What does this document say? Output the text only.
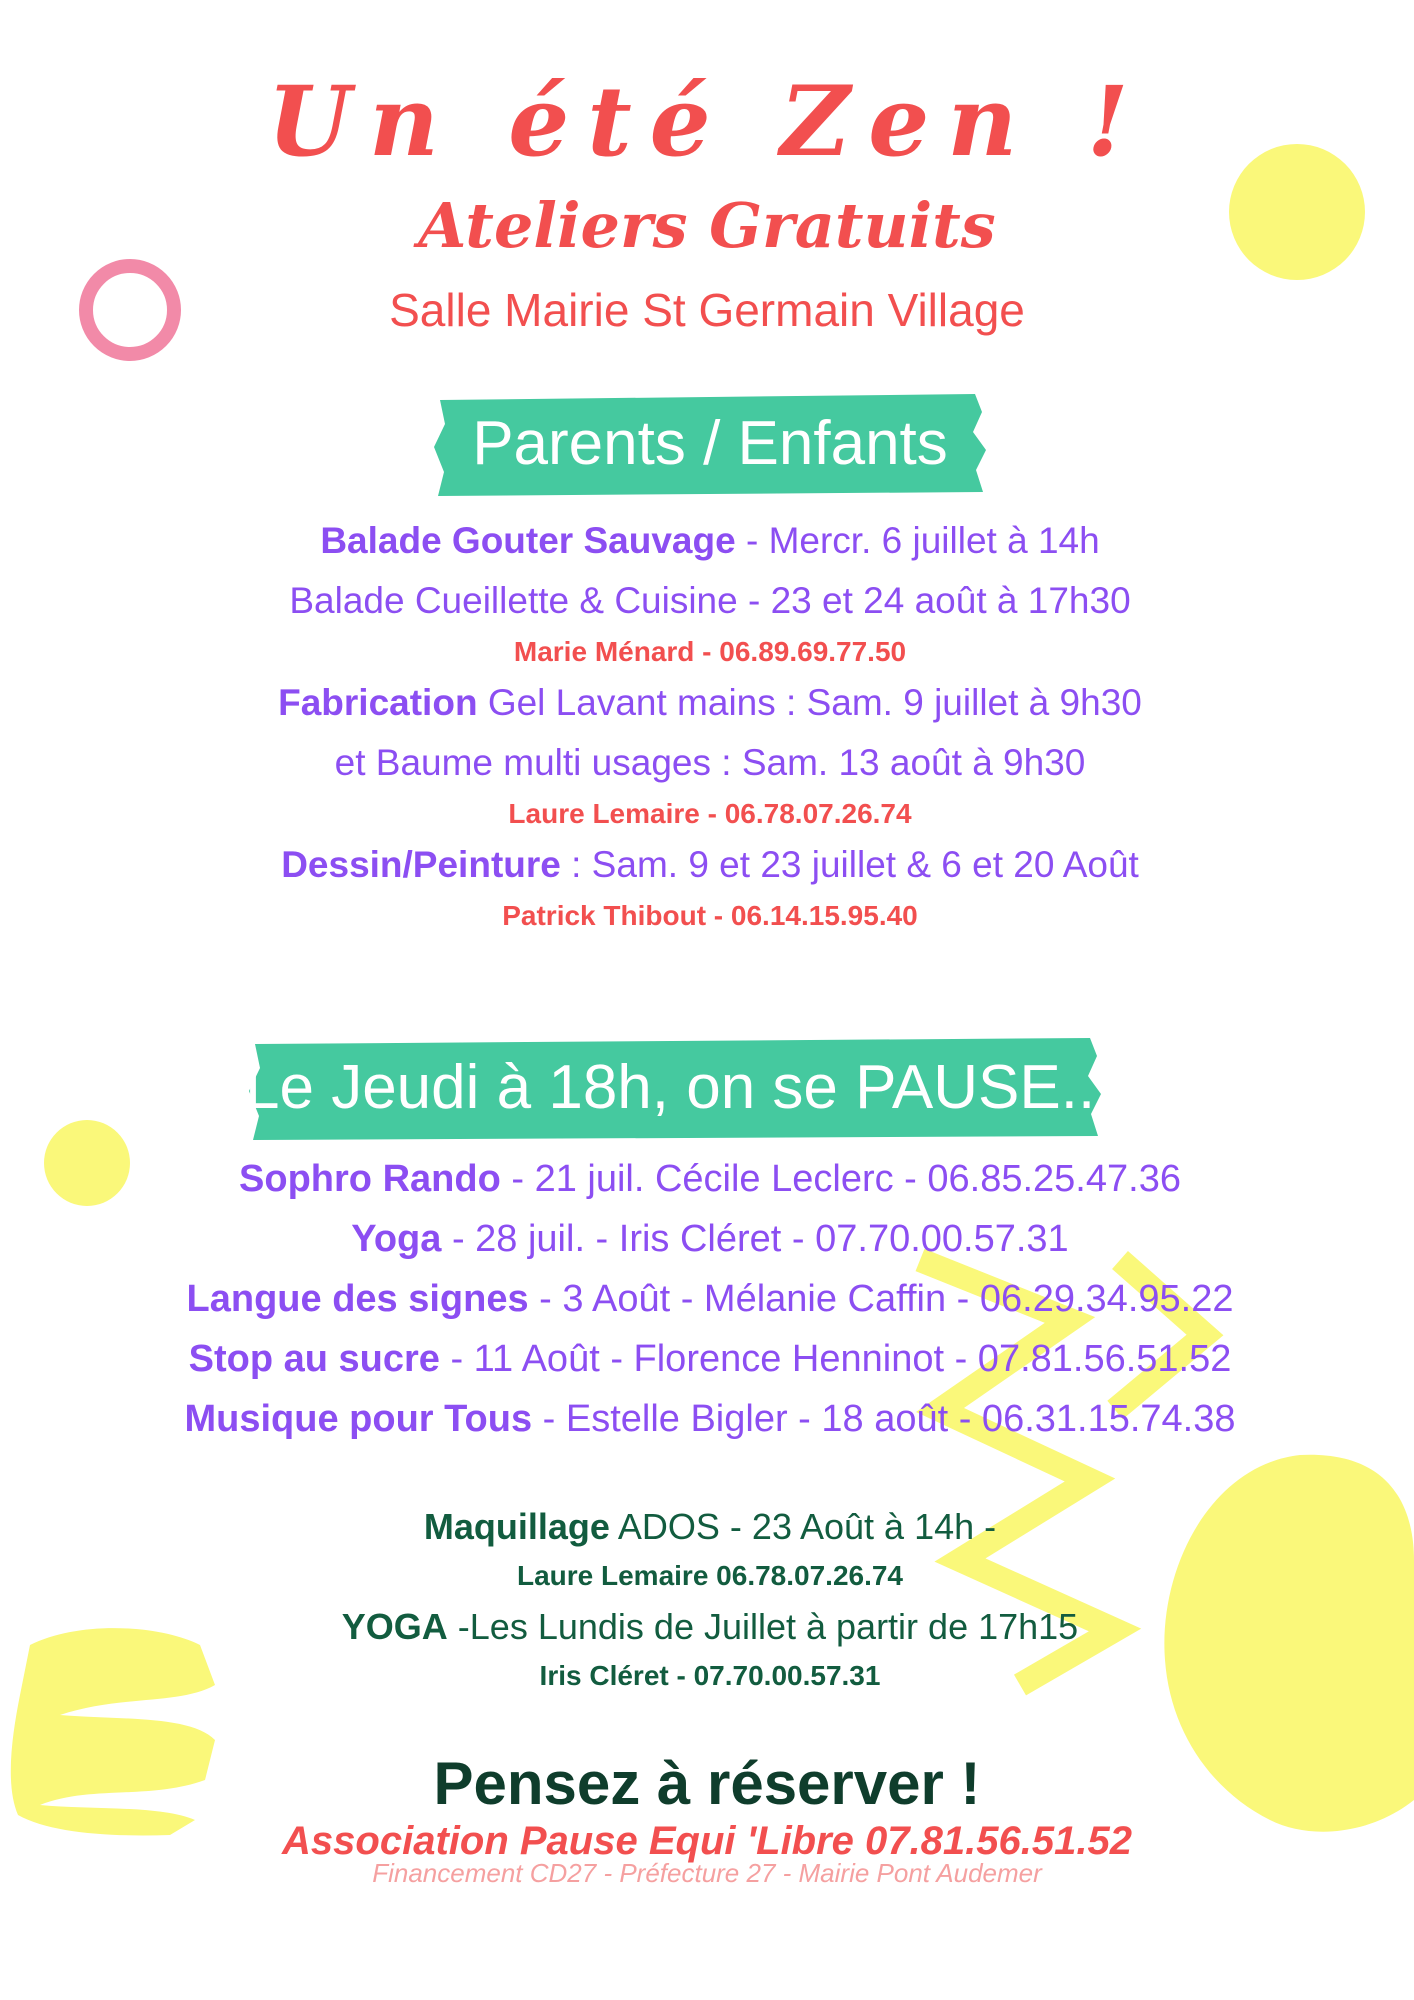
Un été Zen !

Ateliers Gratuits

Salle Mairie St Germain Village

Parents / Enfants

Balade Gouter Sauvage - Mercr. 6 juillet à 14h

Balade Cueillette & Cuisine - 23 et 24 août à 17h30

Marie Ménard - 06.89.69.77.50

Fabrication Gel Lavant mains : Sam. 9 juillet à 9h30

et Baume multi usages : Sam. 13 août à 9h30

Laure Lemaire - 06.78.07.26.74

Dessin/Peinture : Sam. 9 et 23 juillet & 6 et 20 Août

Patrick Thibout - 06.14.15.95.40

Le Jeudi à 18h, on se PAUSE...

Sophro Rando - 21 juil. Cécile Leclerc - 06.85.25.47.36

Yoga - 28 juil. - Iris Cléret - 07.70.00.57.31

Langue des signes - 3 Août - Mélanie Caffin - 06.29.34.95.22

Stop au sucre - 11 Août - Florence Henninot - 07.81.56.51.52

Musique pour Tous - Estelle Bigler - 18 août - 06.31.15.74.38

Maquillage ADOS - 23 Août à 14h -

Laure Lemaire 06.78.07.26.74

YOGA -Les Lundis de Juillet à partir de 17h15

Iris Cléret - 07.70.00.57.31

Pensez à réserver !

Association Pause Equi 'Libre 07.81.56.51.52

Financement CD27 - Préfecture 27 - Mairie Pont Audemer
